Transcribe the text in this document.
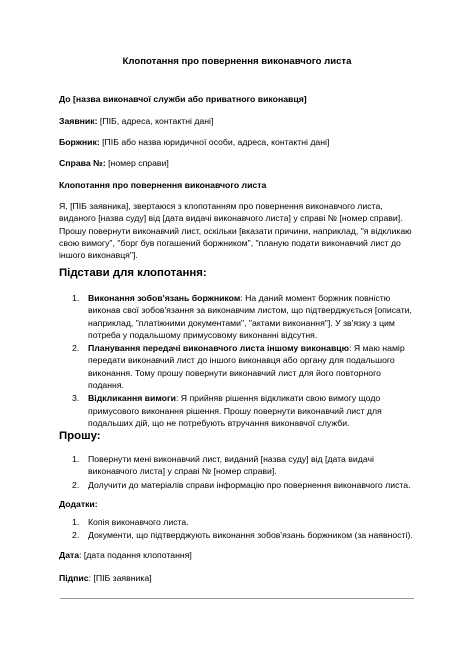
Клопотання про повернення виконавчого листа
До [назва виконавчої служби або приватного виконавця]
Заявник: [ПІБ, адреса, контактні дані]
Боржник: [ПІБ або назва юридичної особи, адреса, контактні дані]
Справа №: [номер справи]
Клопотання про повернення виконавчого листа
Я, [ПІБ заявника], звертаюся з клопотанням про повернення виконавчого листа, виданого [назва суду] від [дата видачі виконавчого листа] у справі № [номер справи]. Прошу повернути виконавчий лист, оскільки [вказати причини, наприклад, "я відкликаю свою вимогу", "борг був погашений боржником", "планую подати виконавчий лист до іншого виконавця"].
Підстави для клопотання:
1. Виконання зобов'язань боржником: На даний момент боржник повністю виконав свої зобов'язання за виконавчим листом, що підтверджується [описати, наприклад, "платіжними документами", "актами виконання"]. У зв'язку з цим потреба у подальшому примусовому виконанні відсутня.
2. Планування передачі виконавчого листа іншому виконавцю: Я маю намір передати виконавчий лист до іншого виконавця або органу для подальшого виконання. Тому прошу повернути виконавчий лист для його повторного подання.
3. Відкликання вимоги: Я прийняв рішення відкликати свою вимогу щодо примусового виконання рішення. Прошу повернути виконавчий лист для подальших дій, що не потребують втручання виконавчої служби.
Прошу:
1. Повернути мені виконавчий лист, виданий [назва суду] від [дата видачі виконавчого листа] у справі № [номер справи].
2. Долучити до матеріалів справи інформацію про повернення виконавчого листа.
Додатки:
1. Копія виконавчого листа.
2. Документи, що підтверджують виконання зобов'язань боржником (за наявності).
Дата: [дата подання клопотання]
Підпис: [ПІБ заявника]
